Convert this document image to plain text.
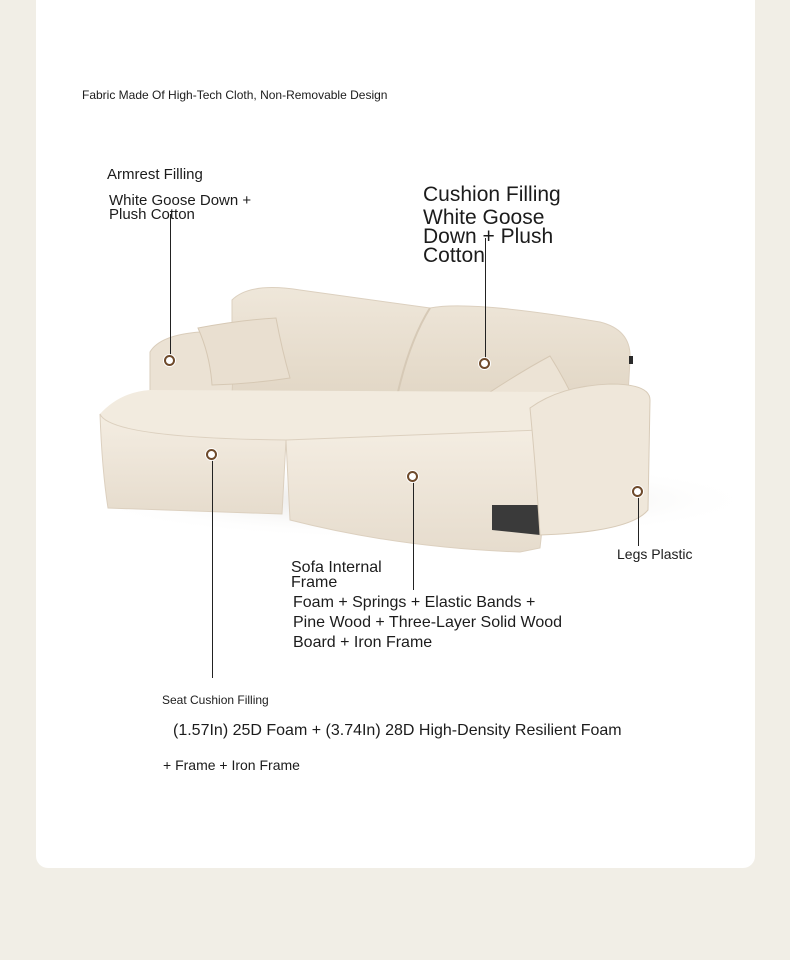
Fabric Made Of High-Tech Cloth, Non-Removable Design

Armrest Filling

White Goose Down + Plush Cotton

Cushion Filling

White Goose Down + Plush Cotton

Sofa Internal Frame

Foam + Springs + Elastic Bands + Pine Wood + Three-Layer Solid Wood Board + Iron Frame

Legs Plastic

Seat Cushion Filling

(1.57In) 25D Foam + (3.74In) 28D High-Density Resilient Foam

+ Frame + Iron Frame
